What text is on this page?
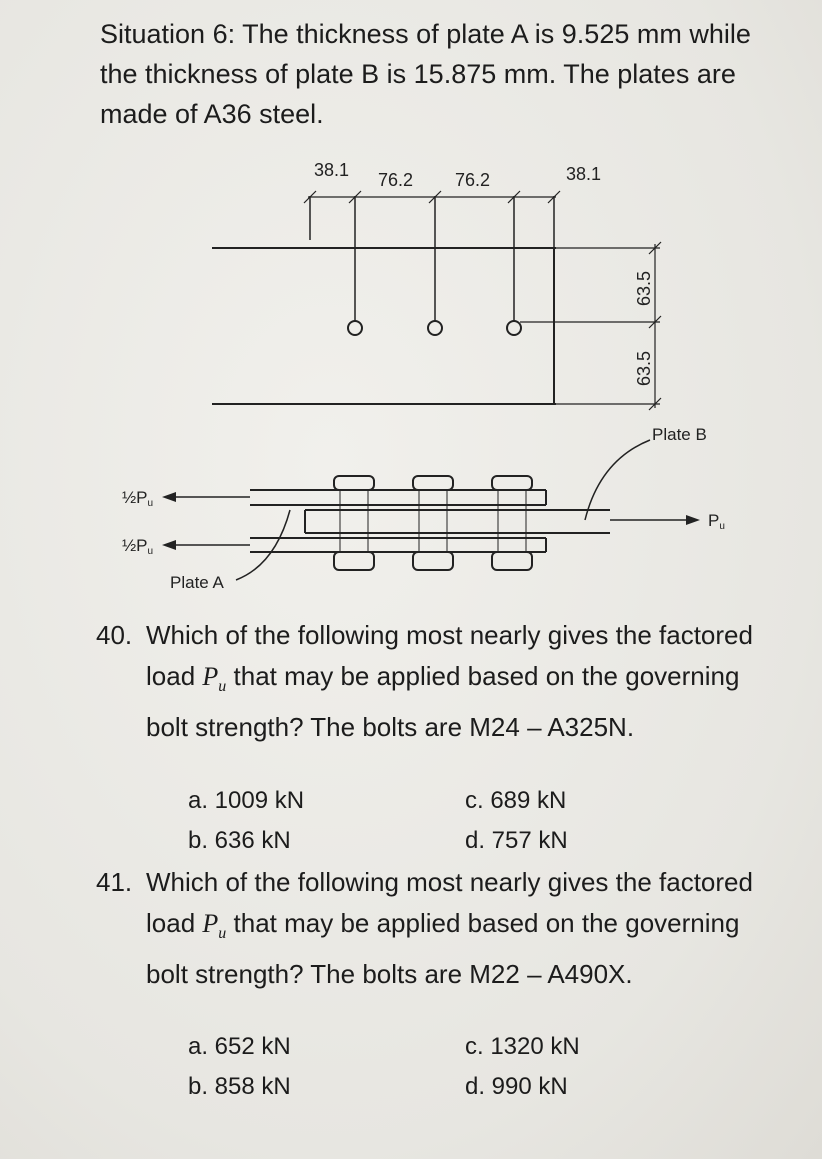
Situation 6: The thickness of plate A is 9.525 mm while the thickness of plate B is 15.875 mm. The plates are made of A36 steel.
38.1 76.2 76.2	38.1
63.5
63.5
Plate B
Plate A
½Pu
½Pu
Pu
40. Which of the following most nearly gives the factored load $P_u$ that may be applied based on the governing bolt strength? The bolts are M24 – A325N.
a. 1009 kN	c. 689 kN
b. 636 kN	d. 757 kN
41. Which of the following most nearly gives the factored load $P_u$ that may be applied based on the governing bolt strength? The bolts are M22 – A490X.
a. 652 kN	c. 1320 kN
b. 858 kN	d. 990 kN
